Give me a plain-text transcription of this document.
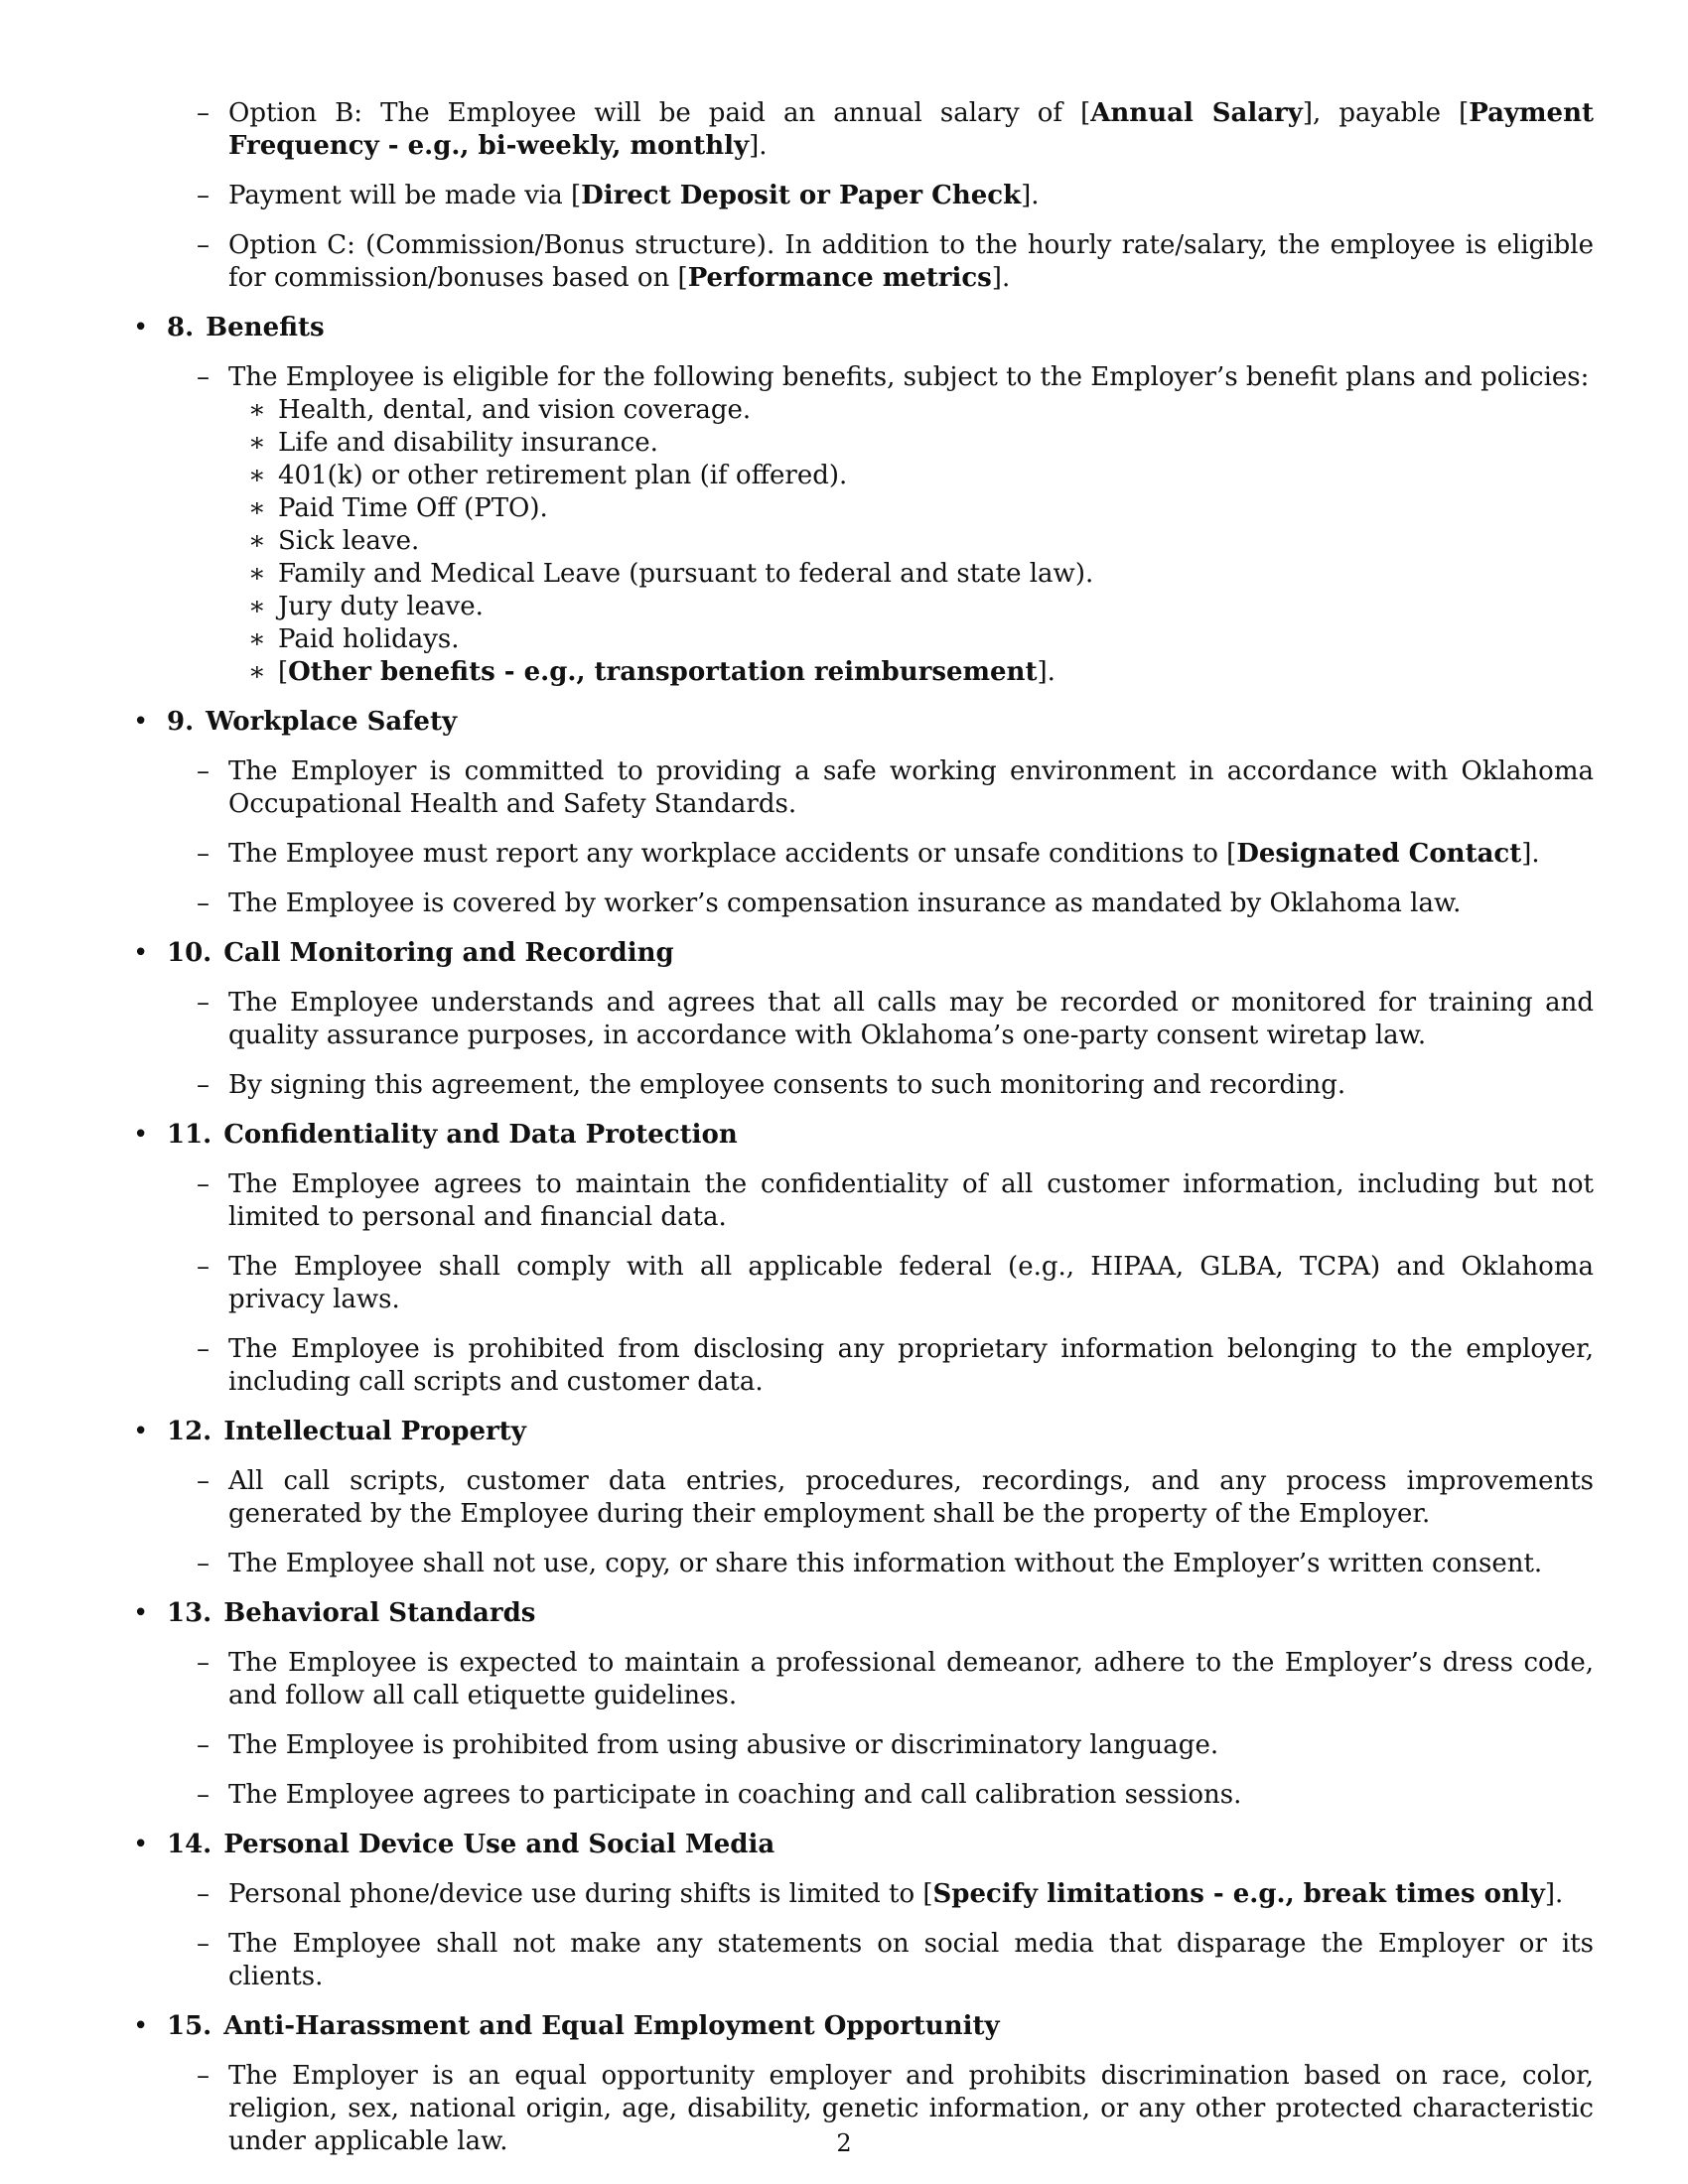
– Option B: The Employee will be paid an annual salary of [Annual Salary], payable [Payment Frequency - e.g., bi-weekly, monthly].
– Payment will be made via [Direct Deposit or Paper Check].
– Option C: (Commission/Bonus structure). In addition to the hourly rate/salary, the employee is eligible for commission/bonuses based on [Performance metrics].
• 8. Benefits
– The Employee is eligible for the following benefits, subject to the Employer’s benefit plans and policies:
∗ Health, dental, and vision coverage.
∗ Life and disability insurance.
∗ 401(k) or other retirement plan (if offered).
∗ Paid Time Off (PTO).
∗ Sick leave.
∗ Family and Medical Leave (pursuant to federal and state law).
∗ Jury duty leave.
∗ Paid holidays.
∗ [Other benefits - e.g., transportation reimbursement].
• 9. Workplace Safety
– The Employer is committed to providing a safe working environment in accordance with Oklahoma Occupational Health and Safety Standards.
– The Employee must report any workplace accidents or unsafe conditions to [Designated Contact].
– The Employee is covered by worker’s compensation insurance as mandated by Oklahoma law.
• 10. Call Monitoring and Recording
– The Employee understands and agrees that all calls may be recorded or monitored for training and quality assurance purposes, in accordance with Oklahoma’s one-party consent wiretap law.
– By signing this agreement, the employee consents to such monitoring and recording.
• 11. Confidentiality and Data Protection
– The Employee agrees to maintain the confidentiality of all customer information, including but not limited to personal and financial data.
– The Employee shall comply with all applicable federal (e.g., HIPAA, GLBA, TCPA) and Oklahoma privacy laws.
– The Employee is prohibited from disclosing any proprietary information belonging to the employer, including call scripts and customer data.
• 12. Intellectual Property
– All call scripts, customer data entries, procedures, recordings, and any process improvements generated by the Employee during their employment shall be the property of the Employer.
– The Employee shall not use, copy, or share this information without the Employer’s written consent.
• 13. Behavioral Standards
– The Employee is expected to maintain a professional demeanor, adhere to the Employer’s dress code, and follow all call etiquette guidelines.
– The Employee is prohibited from using abusive or discriminatory language.
– The Employee agrees to participate in coaching and call calibration sessions.
• 14. Personal Device Use and Social Media
– Personal phone/device use during shifts is limited to [Specify limitations - e.g., break times only].
– The Employee shall not make any statements on social media that disparage the Employer or its clients.
• 15. Anti-Harassment and Equal Employment Opportunity
– The Employer is an equal opportunity employer and prohibits discrimination based on race, color, religion, sex, national origin, age, disability, genetic information, or any other protected characteristic under applicable law.	2
